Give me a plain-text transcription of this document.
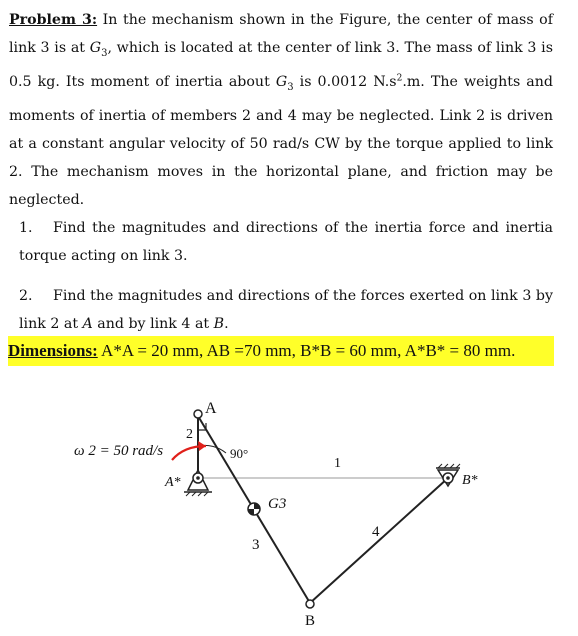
Problem 3: In the mechanism shown in the Figure, the center of mass of link 3 is at $G_3$, which is located at the center of link 3. The mass of link 3 is 0.5 kg. Its moment of inertia about $G_3$ is 0.0012 $N.s^2.m$. The weights and moments of inertia of members 2 and 4 may be neglected. Link 2 is driven at a constant angular velocity of 50 rad/s CW by the torque applied to link 2. The mechanism moves in the horizontal plane, and friction may be neglected.

1. Find the magnitudes and directions of the inertia force and inertia torque acting on link 3.

2. Find the magnitudes and directions of the forces exerted on link 3 by link 2 at A and by link 4 at B.

Dimensions: A*A = 20 mm, AB =70 mm, B*B = 60 mm, A*B* = 80 mm.
ω 2 = 50 rad/s
A
A*
B
B*
G3
90°
2
3
4
1
